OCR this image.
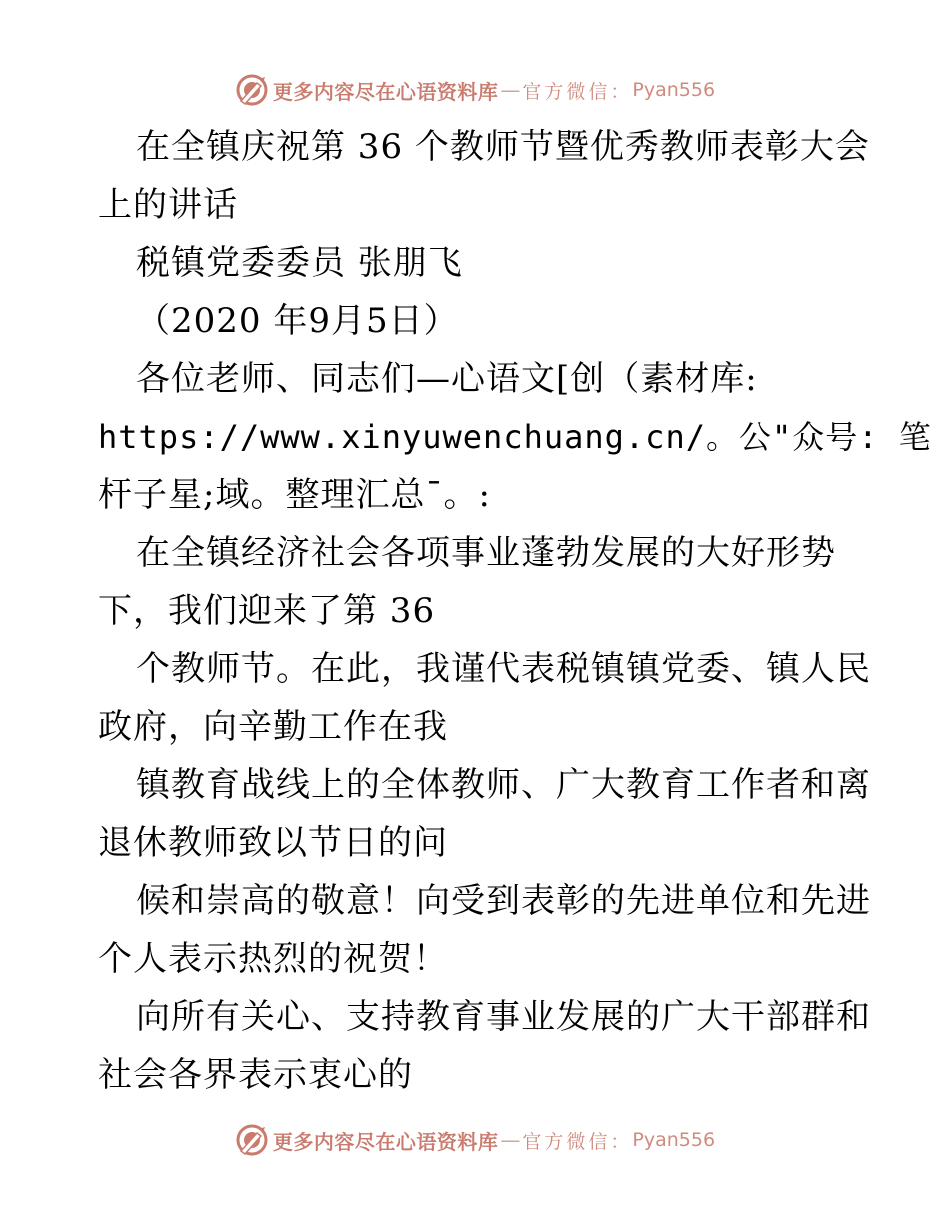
更多内容尽在心语资料库 — 官方微信： Pyan556
在全镇庆祝第 36 个教师节暨优秀教师表彰大会
上的讲话
税镇党委委员 张朋飞
（2020 年9月5日）
各位老师、同志们—心语文[创（素材库:
https://www.xinyuwenchuang.cn/。公"众号: 笔
杆子星;域。整理汇总¯。:
在全镇经济社会各项事业蓬勃发展的大好形势
下，我们迎来了第 36
个教师节。在此，我谨代表税镇镇党委、镇人民
政府，向辛勤工作在我
镇教育战线上的全体教师、广大教育工作者和离
退休教师致以节日的问
候和崇高的敬意！向受到表彰的先进单位和先进
个人表示热烈的祝贺！
向所有关心、支持教育事业发展的广大干部群和
社会各界表示衷心的
更多内容尽在心语资料库 — 官方微信： Pyan556
